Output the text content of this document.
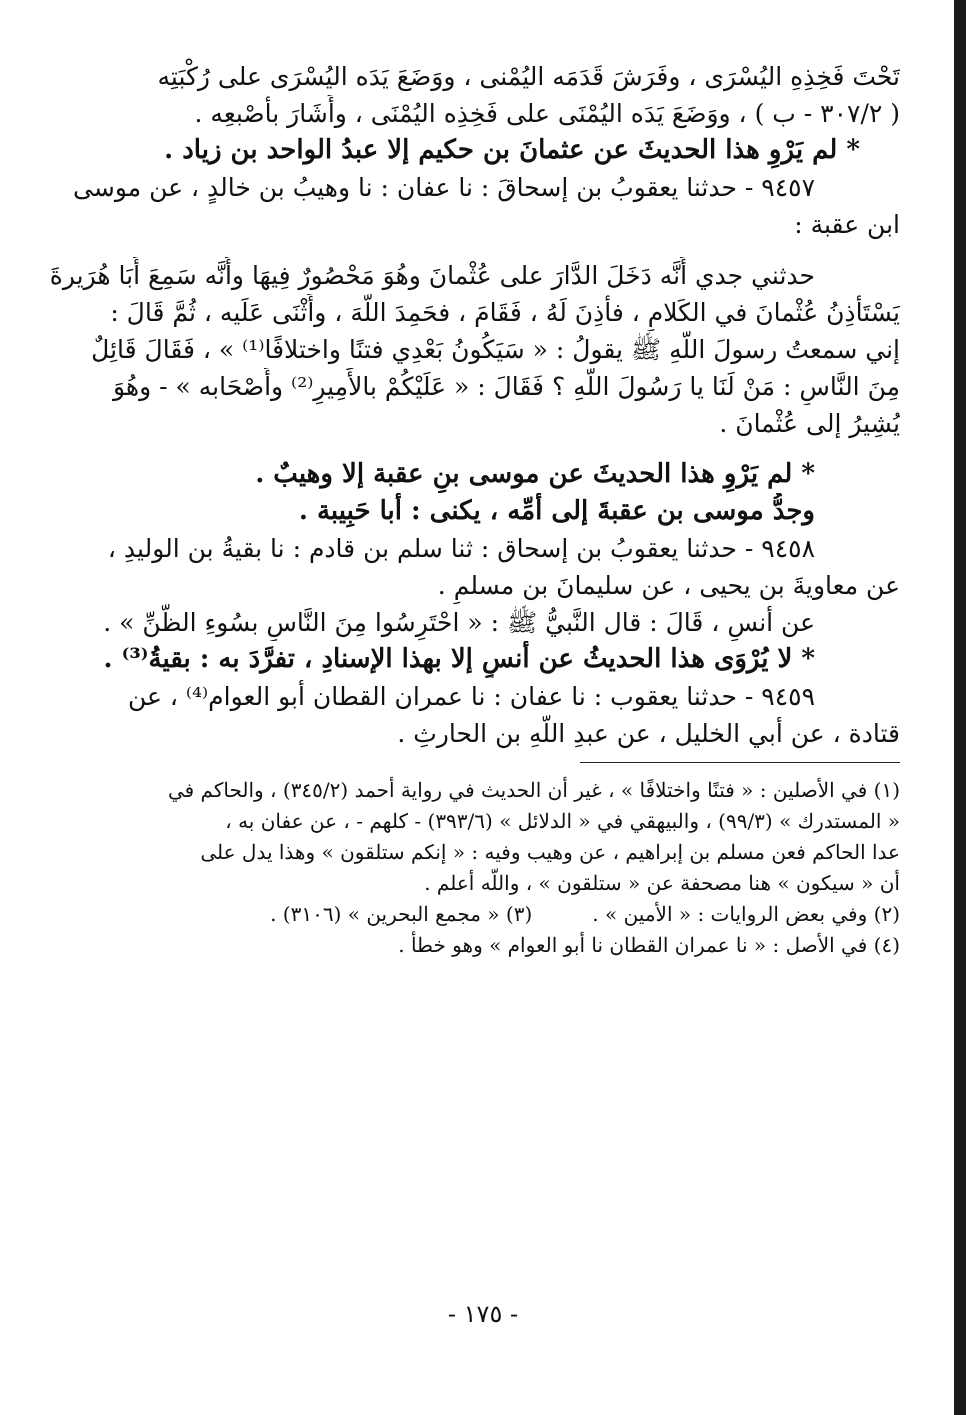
تَحْتَ فَخِذِهِ اليُسْرَى ، وفَرَشَ قَدَمَه اليُمْنى ، ووَضَعَ يَدَه اليُسْرَى على رُكْبَتِه
( ٣٠٧/٢ - ب ) ، ووَضَعَ يَدَه اليُمْنَى على فَخِذِه اليُمْنَى ، وأَشَارَ بأَصْبعِه .
* لم يَرْوِ هذا الحديثَ عن عثمانَ بن حكيم إلا عبدُ الواحد بن زياد .
٩٤٥٧ - حدثنا يعقوبُ بن إسحاقَ : نا عفان : نا وهيبُ بن خالدٍ ، عن موسى
ابن عقبة :
حدثني جدي أَنَّه دَخَلَ الدَّارَ على عُثْمانَ وهُوَ مَحْصُورٌ فِيهَا وأَنَّه سَمِعَ أَبَا هُرَيرةَ
يَسْتَأْذِنُ عُثْمانَ في الكَلامِ ، فأَذِنَ لَهُ ، فَقَامَ ، فحَمِدَ اللَّهَ ، وأَثْنَى عَلَيه ، ثُمَّ قَالَ :
إني سمعتُ رسولَ اللَّهِ ﷺ يقولُ : « سَيَكُونُ بَعْدِي فتنًا واختلافًا⁽¹⁾ » ، فَقَالَ قَائِلٌ
مِنَ النَّاسِ : مَنْ لَنَا يا رَسُولَ اللَّهِ ؟ فَقَالَ : « عَلَيْكُمْ بالأَمِيرِ⁽²⁾ وأَصْحَابه » - وهُوَ
يُشِيرُ إلى عُثْمانَ .
* لم يَرْوِ هذا الحديثَ عن موسى بنِ عقبة إلا وهيبٌ .
وجدُّ موسى بن عقبةَ إلى أُمِّه ، يكنى : أبا حَبِيبة .
٩٤٥٨ - حدثنا يعقوبُ بن إسحاق : ثنا سلم بن قادم : نا بقيةُ بن الوليدِ ،
عن معاويةَ بن يحيى ، عن سليمانَ بن مسلمٍ .
عن أنسٍ ، قَالَ : قال النَّبيُّ ﷺ : « احْتَرِسُوا مِنَ النَّاسِ بسُوءِ الظَّنِّ » .
* لا يُرْوَى هذا الحديثُ عن أنسٍ إلا بهذا الإسنادِ ، تفرَّدَ به : بقيةُ⁽³⁾ .
٩٤٥٩ - حدثنا يعقوب : نا عفان : نا عمران القطان أبو العوام⁽⁴⁾ ، عن
قتادة ، عن أبي الخليل ، عن عبدِ اللَّهِ بن الحارثِ .
(١) في الأصلين : « فتنًا واختلافًا » ، غير أن الحديث في رواية أحمد (٣٤٥/٢) ، والحاكم في
« المستدرك » (٩٩/٣) ، والبيهقي في « الدلائل » (٣٩٣/٦) - كلهم - ، عن عفان به ،
عدا الحاكم فعن مسلم بن إبراهيم ، عن وهيب وفيه : « إنكم ستلقون » وهذا يدل على
أن « سيكون » هنا مصحفة عن « ستلقون » ، واللَّه أعلم .
(٢) وفي بعض الروايات : « الأمين » .
(٣) « مجمع البحرين » (٣١٠٦) .
(٤) في الأصل : « نا عمران القطان نا أبو العوام » وهو خطأ .
- ١٧٥ -
